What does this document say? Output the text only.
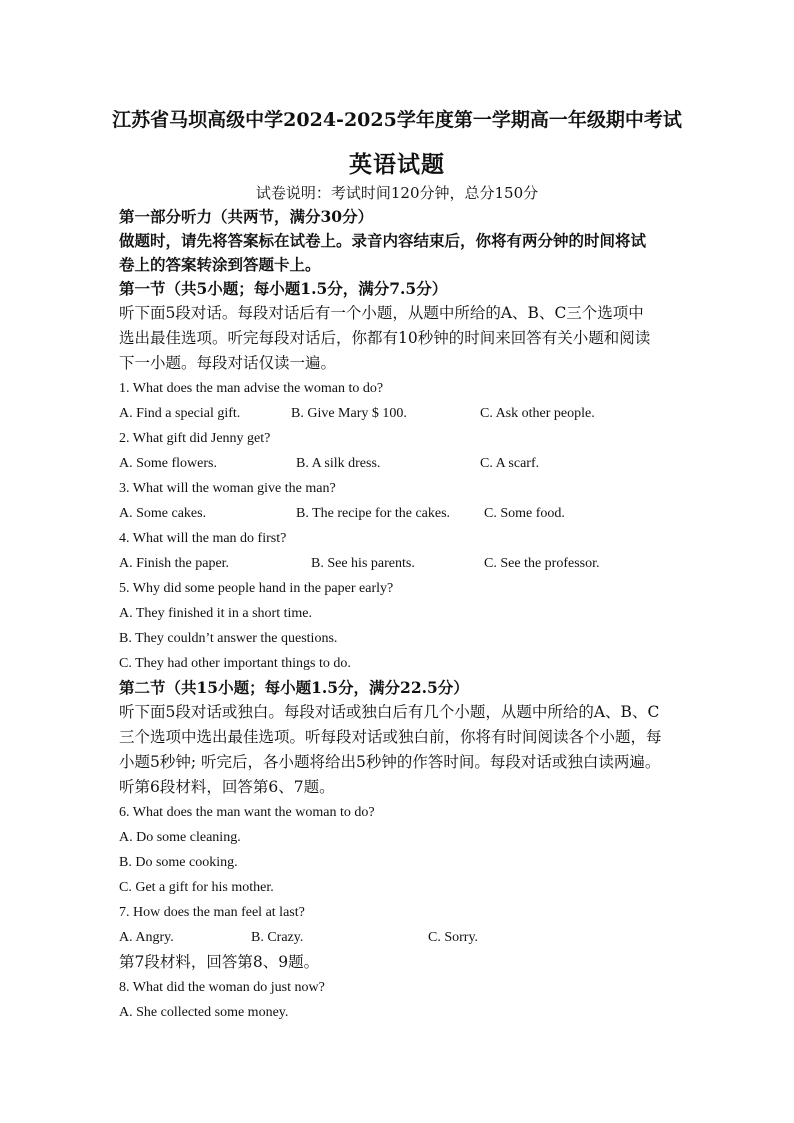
江苏省马坝高级中学2024-2025学年度第一学期高一年级期中考试
英语试题
试卷说明：考试时间120分钟，总分150分
第一部分听力（共两节，满分30分）
做题时，请先将答案标在试卷上。录音内容结束后，你将有两分钟的时间将试
卷上的答案转涂到答题卡上。
第一节（共5小题；每小题1.5分，满分7.5分）
听下面5段对话。每段对话后有一个小题，从题中所给的A、B、C三个选项中
选出最佳选项。听完每段对话后，你都有10秒钟的时间来回答有关小题和阅读
下一小题。每段对话仅读一遍。
1. What does the man advise the woman to do?
A. Find a special gift.	B. Give Mary $ 100.	C. Ask other people.
2. What gift did Jenny get?
A. Some flowers.	B. A silk dress.	C. A scarf.
3. What will the woman give the man?
A. Some cakes.	B. The recipe for the cakes. C. Some food.
4. What will the man do first?
A. Finish the paper.	B. See his parents.	C. See the professor.
5. Why did some people hand in the paper early?
A. They finished it in a short time.
B. They couldn’t answer the questions.
C. They had other important things to do.
第二节（共15小题；每小题1.5分，满分22.5分）
听下面5段对话或独白。每段对话或独白后有几个小题，从题中所给的A、B、C
三个选项中选出最佳选项。听每段对话或独白前，你将有时间阅读各个小题，每
小题5秒钟; 听完后，各小题将给出5秒钟的作答时间。每段对话或独白读两遍。
听第6段材料，回答第6、7题。
6. What does the man want the woman to do?
A. Do some cleaning.
B. Do some cooking.
C. Get a gift for his mother.
7. How does the man feel at last?
A. Angry.	B. Crazy.	C. Sorry.
第7段材料，回答第8、9题。
8. What did the woman do just now?
A. She collected some money.
